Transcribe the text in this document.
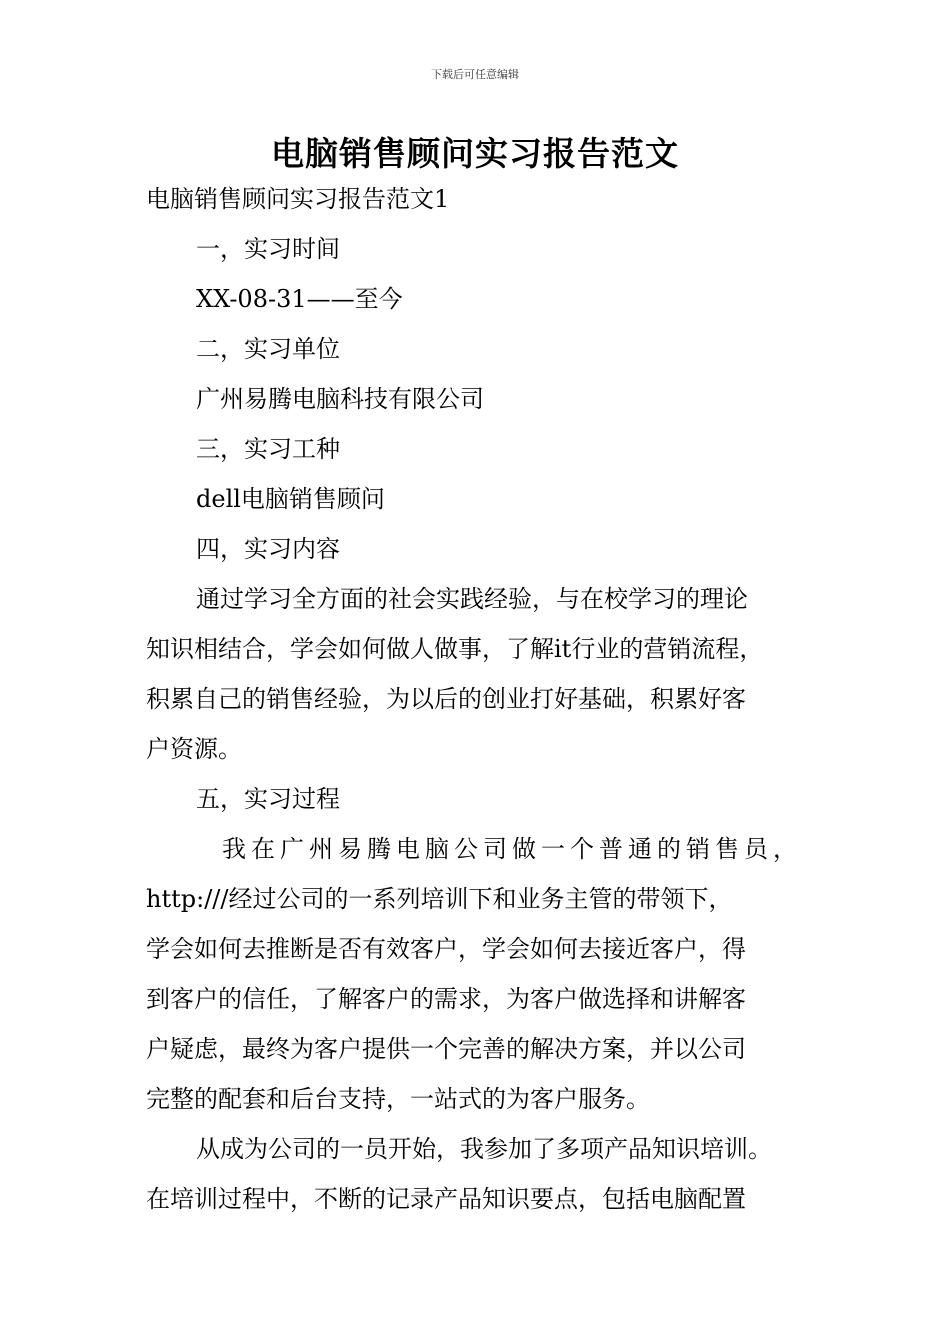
下载后可任意编辑
电脑销售顾问实习报告范文
电脑销售顾问实习报告范文1
一，实习时间
XX-08-31——至今
二，实习单位
广州易腾电脑科技有限公司
三，实习工种
dell电脑销售顾问
四，实习内容
通过学习全方面的社会实践经验，与在校学习的理论
知识相结合，学会如何做人做事，了解it行业的营销流程，
积累自己的销售经验，为以后的创业打好基础，积累好客
户资源。
五，实习过程
我在广州易腾电脑公司做一个普通的销售员，
http:///经过公司的一系列培训下和业务主管的带领下，
学会如何去推断是否有效客户，学会如何去接近客户，得
到客户的信任，了解客户的需求，为客户做选择和讲解客
户疑虑，最终为客户提供一个完善的解决方案，并以公司
完整的配套和后台支持，一站式的为客户服务。
从成为公司的一员开始，我参加了多项产品知识培训。
在培训过程中，不断的记录产品知识要点，包括电脑配置
